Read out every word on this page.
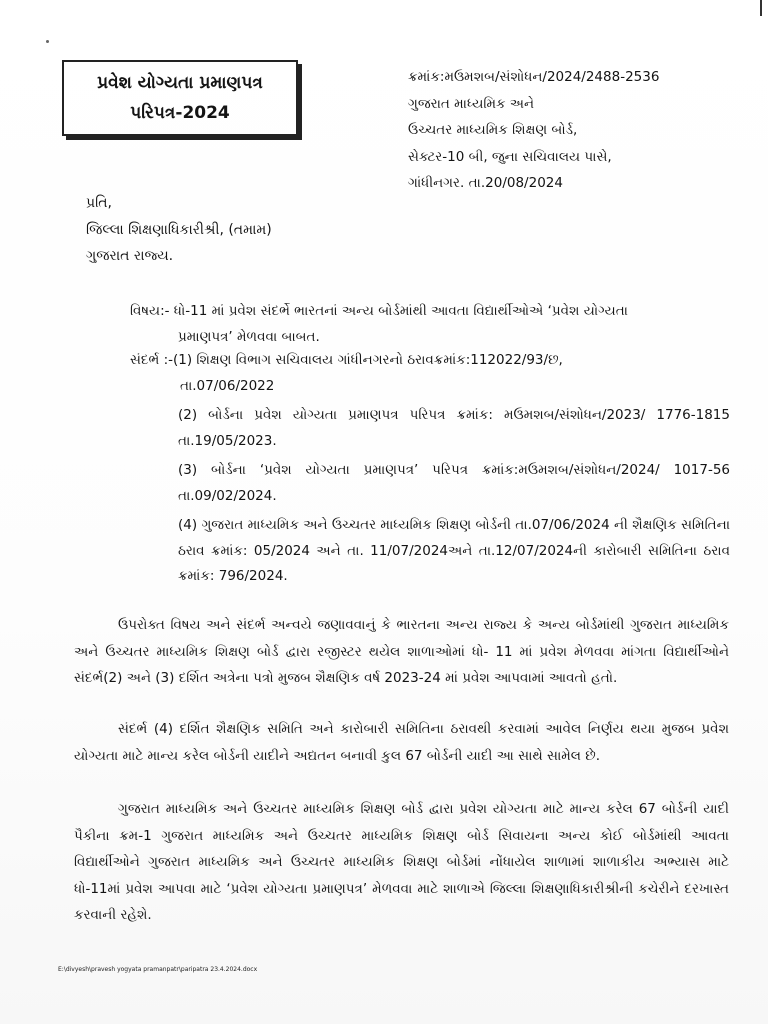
પ્રવેશ યોગ્યતા પ્રમાણપત્ર
પરિપત્ર-2024
ક્રમાંક:મઉમશબ/સંશોધન/2024/2488-2536
ગુજરાત માધ્યમિક અને
ઉચ્ચતર માધ્યમિક શિક્ષણ બોર્ડ,
સેક્ટર-10 બી, જુના સચિવાલય પાસે,
ગાંધીનગર. તા.20/08/2024
પ્રતિ,
જિલ્લા શિક્ષણાધિકારીશ્રી, (તમામ)
ગુજરાત રાજ્ય.
વિષય:- ધો-11 માં પ્રવેશ સંદર્ભે ભારતનાં અન્ય બોર્ડમાંથી આવતા વિદ્યાર્થીઓએ ‘પ્રવેશ યોગ્યતા
પ્રમાણપત્ર’ મેળવવા બાબત.
સંદર્ભ :-(1) શિક્ષણ વિભાગ સચિવાલય ગાંધીનગરનો ઠરાવક્રમાંક:112022/93/છ,
તા.07/06/2022
(2) બોર્ડના પ્રવેશ યોગ્યતા પ્રમાણપત્ર પરિપત્ર ક્રમાંક: મઉમશબ/સંશોધન/2023/ 1776-1815 તા.19/05/2023.
(3) બોર્ડના ‘પ્રવેશ યોગ્યતા પ્રમાણપત્ર’ પરિપત્ર ક્રમાંક:મઉમશબ/સંશોધન/2024/ 1017-56 તા.09/02/2024.
(4) ગુજરાત માધ્યમિક અને ઉચ્ચતર માધ્યમિક શિક્ષણ બોર્ડની તા.07/06/2024 ની શૈક્ષણિક સમિતિના ઠરાવ ક્રમાંક: 05/2024 અને તા. 11/07/2024અને તા.12/07/2024ની કારોબારી સમિતિના ઠરાવ ક્રમાંક: 796/2024.
ઉપરોક્ત વિષય અને સંદર્ભ અન્વયે જણાવવાનું કે ભારતના અન્ય રાજ્ય કે અન્ય બોર્ડમાંથી ગુજરાત માધ્યમિક અને ઉચ્ચતર માધ્યમિક શિક્ષણ બોર્ડ દ્વારા રજીસ્ટર થયેલ શાળાઓમાં ધો- 11 માં પ્રવેશ મેળવવા માંગતા વિદ્યાર્થીઓને સંદર્ભ(2) અને (3) દર્શિત અત્રેના પત્રો મુજબ શૈક્ષણિક વર્ષ 2023-24 માં પ્રવેશ આપવામાં આવતો હતો.
સંદર્ભ (4) દર્શિત શૈક્ષણિક સમિતિ અને કારોબારી સમિતિના ઠરાવથી કરવામાં આવેલ નિર્ણય થયા મુજબ પ્રવેશ યોગ્યતા માટે માન્ય કરેલ બોર્ડની યાદીને અદ્યતન બનાવી કુલ 67 બોર્ડની યાદી આ સાથે સામેલ છે.
ગુજરાત માધ્યમિક અને ઉચ્ચતર માધ્યમિક શિક્ષણ બોર્ડ દ્વારા પ્રવેશ યોગ્યતા માટે માન્ય કરેલ 67 બોર્ડની યાદી પૈકીના ક્રમ-1 ગુજરાત માધ્યમિક અને ઉચ્ચતર માધ્યમિક શિક્ષણ બોર્ડ સિવાયના અન્ય કોઈ બોર્ડમાંથી આવતા વિદ્યાર્થીઓને ગુજરાત માધ્યમિક અને ઉચ્ચતર માધ્યમિક શિક્ષણ બોર્ડમાં નોંધાયેલ શાળામાં શાળાકીય અભ્યાસ માટે ધો-11માં પ્રવેશ આપવા માટે ‘પ્રવેશ યોગ્યતા પ્રમાણપત્ર’ મેળવવા માટે શાળાએ જિલ્લા શિક્ષણાધિકારીશ્રીની કચેરીને દરખાસ્ત કરવાની રહેશે.
E:\divyesh\pravesh yogyata pramanpatr\paripatra 23.4.2024.docx
